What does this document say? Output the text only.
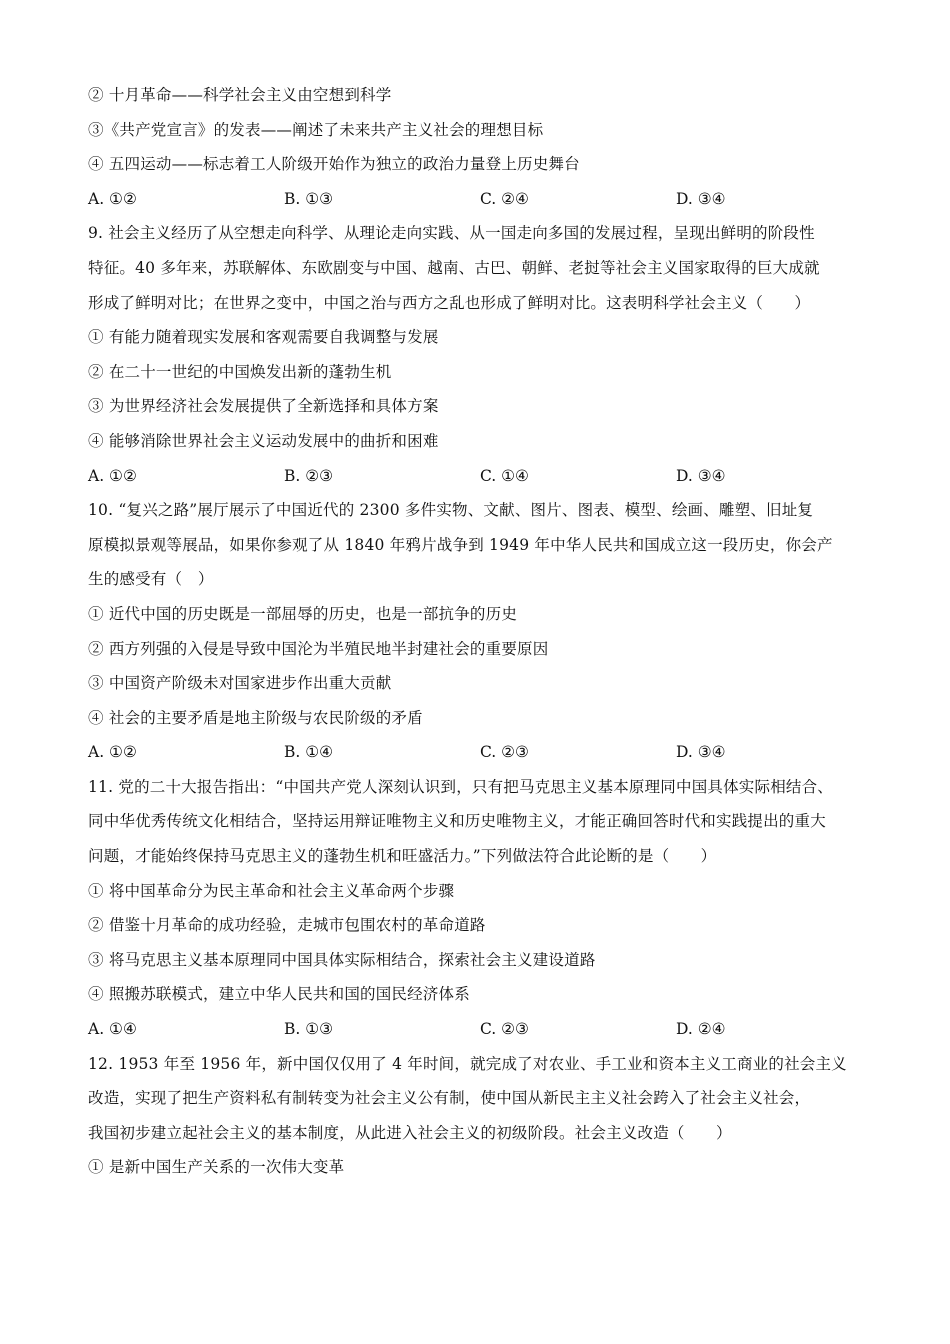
② 十月革命——科学社会主义由空想到科学
③《共产党宣言》的发表——阐述了未来共产主义社会的理想目标
④ 五四运动——标志着工人阶级开始作为独立的政治力量登上历史舞台
A. ①②	B. ①③	C. ②④	D. ③④
9. 社会主义经历了从空想走向科学、从理论走向实践、从一国走向多国的发展过程，呈现出鲜明的阶段性
特征。40 多年来，苏联解体、东欧剧变与中国、越南、古巴、朝鲜、老挝等社会主义国家取得的巨大成就
形成了鲜明对比；在世界之变中，中国之治与西方之乱也形成了鲜明对比。这表明科学社会主义（　　）
① 有能力随着现实发展和客观需要自我调整与发展
② 在二十一世纪的中国焕发出新的蓬勃生机
③ 为世界经济社会发展提供了全新选择和具体方案
④ 能够消除世界社会主义运动发展中的曲折和困难
A. ①②	B. ②③	C. ①④	D. ③④
10. “复兴之路”展厅展示了中国近代的 2300 多件实物、文献、图片、图表、模型、绘画、雕塑、旧址复
原模拟景观等展品，如果你参观了从 1840 年鸦片战争到 1949 年中华人民共和国成立这一段历史，你会产
生的感受有（　）
① 近代中国的历史既是一部屈辱的历史，也是一部抗争的历史
② 西方列强的入侵是导致中国沦为半殖民地半封建社会的重要原因
③ 中国资产阶级未对国家进步作出重大贡献
④ 社会的主要矛盾是地主阶级与农民阶级的矛盾
A. ①②	B. ①④	C. ②③	D. ③④
11. 党的二十大报告指出：“中国共产党人深刻认识到，只有把马克思主义基本原理同中国具体实际相结合、
同中华优秀传统文化相结合，坚持运用辩证唯物主义和历史唯物主义，才能正确回答时代和实践提出的重大
问题，才能始终保持马克思主义的蓬勃生机和旺盛活力。”下列做法符合此论断的是（　　）
① 将中国革命分为民主革命和社会主义革命两个步骤
② 借鉴十月革命的成功经验，走城市包围农村的革命道路
③ 将马克思主义基本原理同中国具体实际相结合，探索社会主义建设道路
④ 照搬苏联模式，建立中华人民共和国的国民经济体系
A. ①④	B. ①③	C. ②③	D. ②④
12. 1953 年至 1956 年，新中国仅仅用了 4 年时间，就完成了对农业、手工业和资本主义工商业的社会主义
改造，实现了把生产资料私有制转变为社会主义公有制，使中国从新民主主义社会跨入了社会主义社会，
我国初步建立起社会主义的基本制度，从此进入社会主义的初级阶段。社会主义改造（　　）
① 是新中国生产关系的一次伟大变革
